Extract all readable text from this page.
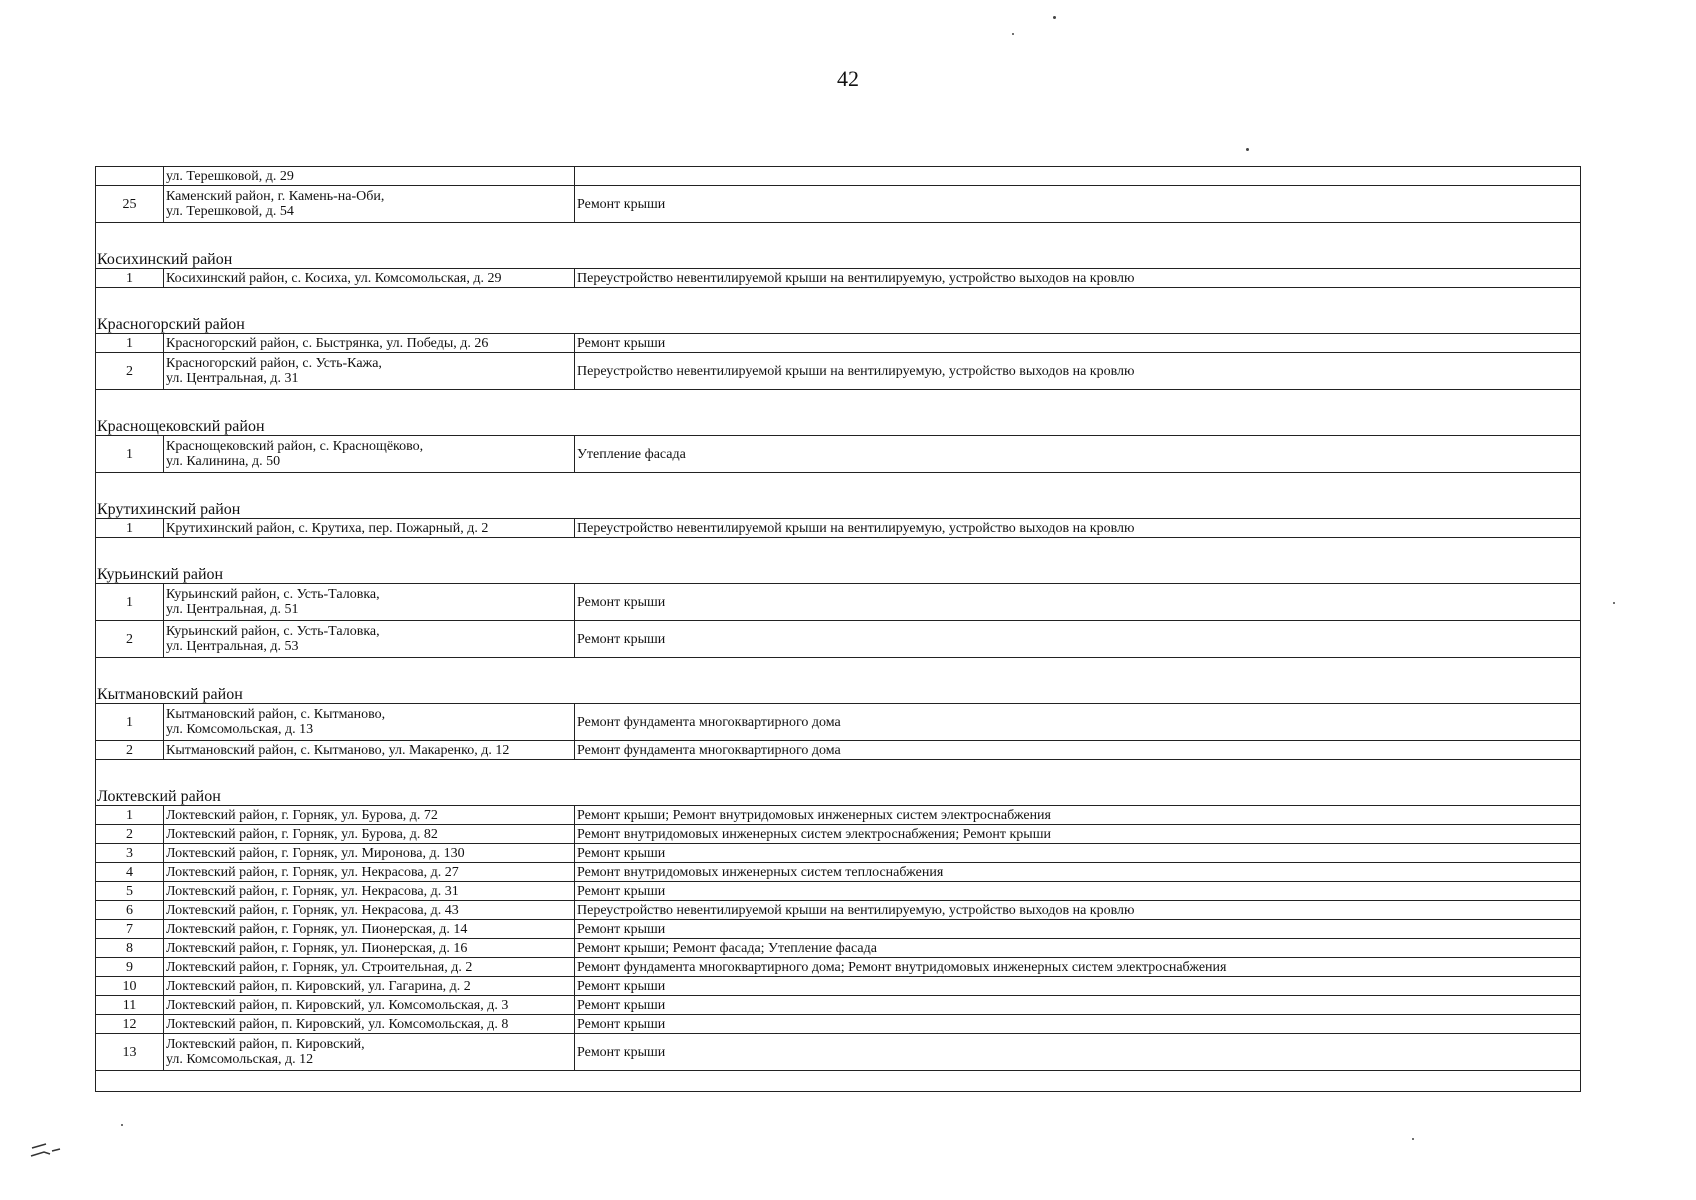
42
	ул. Терешковой, д. 29	
25	Каменский район, г. Камень-на-Оби,
ул. Терешковой, д. 54	Ремонт крыши
Косихинский район		
1	Косихинский район, с. Косиха, ул. Комсомольская, д. 29	Переустройство невентилируемой крыши на вентилируемую, устройство выходов на кровлю
Красногорский район		
1	Красногорский район, с. Быстрянка, ул. Победы, д. 26	Ремонт крыши
2	Красногорский район, с. Усть-Кажа,
ул. Центральная, д. 31	Переустройство невентилируемой крыши на вентилируемую, устройство выходов на кровлю
Краснощековский район		
1	Краснощековский район, с. Краснощёково,
ул. Калинина, д. 50	Утепление фасада
Крутихинский район		
1	Крутихинский район, с. Крутиха, пер. Пожарный, д. 2	Переустройство невентилируемой крыши на вентилируемую, устройство выходов на кровлю
Курьинский район		
1	Курьинский район, с. Усть-Таловка,
ул. Центральная, д. 51	Ремонт крыши
2	Курьинский район, с. Усть-Таловка,
ул. Центральная, д. 53	Ремонт крыши
Кытмановский район		
1	Кытмановский район, с. Кытманово,
ул. Комсомольская, д. 13	Ремонт фундамента многоквартирного дома
2	Кытмановский район, с. Кытманово, ул. Макаренко, д. 12	Ремонт фундамента многоквартирного дома
Локтевский район		
1	Локтевский район, г. Горняк, ул. Бурова, д. 72	Ремонт крыши; Ремонт внутридомовых инженерных систем электроснабжения
2	Локтевский район, г. Горняк, ул. Бурова, д. 82	Ремонт внутридомовых инженерных систем электроснабжения; Ремонт крыши
3	Локтевский район, г. Горняк, ул. Миронова, д. 130	Ремонт крыши
4	Локтевский район, г. Горняк, ул. Некрасова, д. 27	Ремонт внутридомовых инженерных систем теплоснабжения
5	Локтевский район, г. Горняк, ул. Некрасова, д. 31	Ремонт крыши
6	Локтевский район, г. Горняк, ул. Некрасова, д. 43	Переустройство невентилируемой крыши на вентилируемую, устройство выходов на кровлю
7	Локтевский район, г. Горняк, ул. Пионерская, д. 14	Ремонт крыши
8	Локтевский район, г. Горняк, ул. Пионерская, д. 16	Ремонт крыши; Ремонт фасада; Утепление фасада
9	Локтевский район, г. Горняк, ул. Строительная, д. 2	Ремонт фундамента многоквартирного дома; Ремонт внутридомовых инженерных систем электроснабжения
10	Локтевский район, п. Кировский, ул. Гагарина, д. 2	Ремонт крыши
11	Локтевский район, п. Кировский, ул. Комсомольская, д. 3	Ремонт крыши
12	Локтевский район, п. Кировский, ул. Комсомольская, д. 8	Ремонт крыши
13	Локтевский район, п. Кировский,
ул. Комсомольская, д. 12	Ремонт крыши
